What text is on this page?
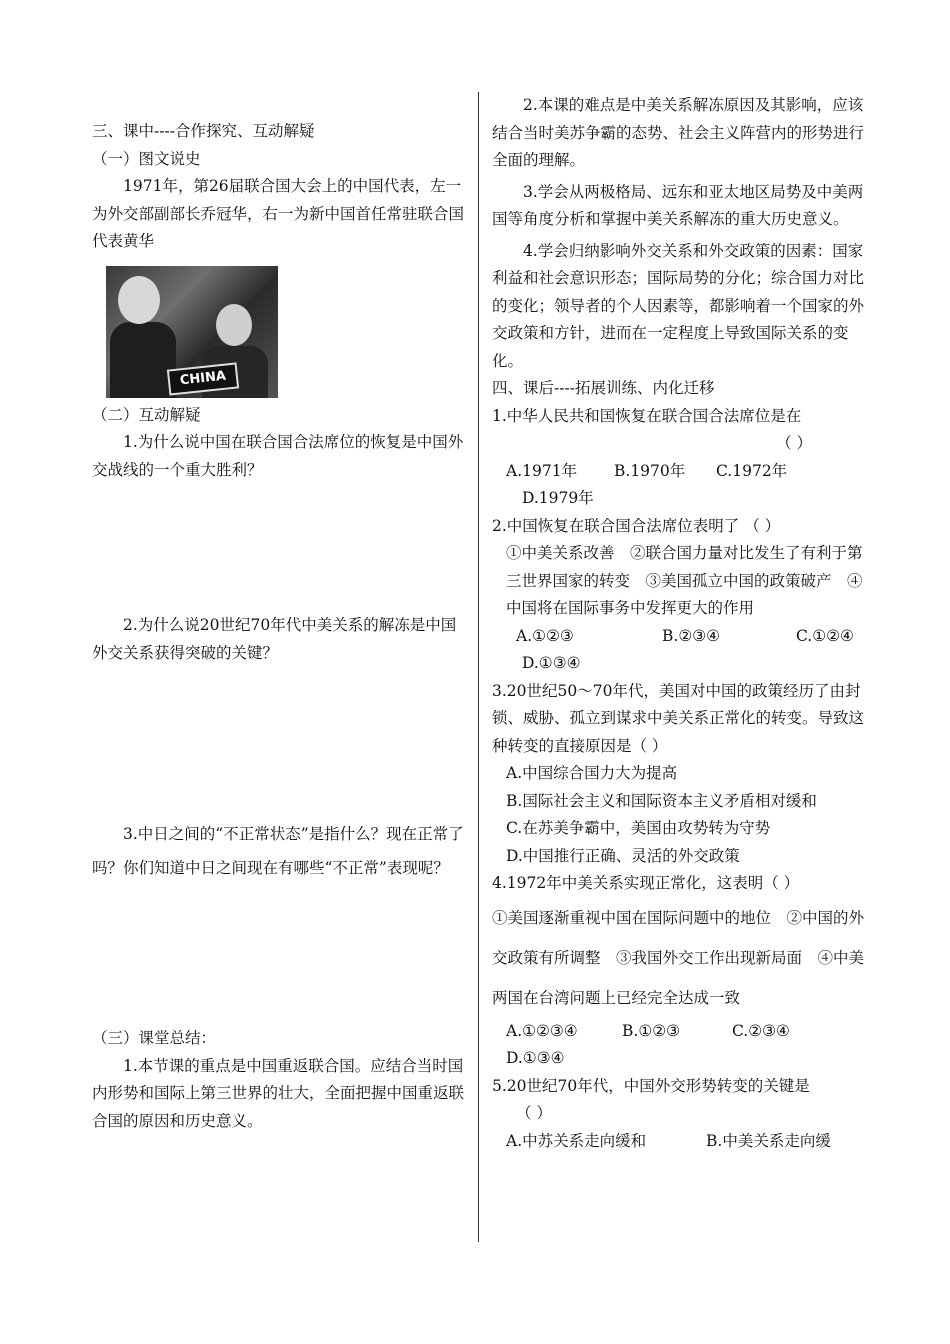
三、课中----合作探究、互动解疑

（一）图文说史

1971年，第26届联合国大会上的中国代表，左一为外交部副部长乔冠华，右一为新中国首任常驻联合国代表黄华

CHINA

（二）互动解疑

1.为什么说中国在联合国合法席位的恢复是中国外交战线的一个重大胜利？

2.为什么说20世纪70年代中美关系的解冻是中国外交关系获得突破的关键？

3.中日之间的“不正常状态”是指什么？现在正常了吗？你们知道中日之间现在有哪些“不正常”表现呢？

（三）课堂总结：

1.本节课的重点是中国重返联合国。应结合当时国内形势和国际上第三世界的壮大，全面把握中国重返联合国的原因和历史意义。

2.本课的难点是中美关系解冻原因及其影响，应该结合当时美苏争霸的态势、社会主义阵营内的形势进行全面的理解。

3.学会从两极格局、远东和亚太地区局势及中美两国等角度分析和掌握中美关系解冻的重大历史意义。

4.学会归纳影响外交关系和外交政策的因素：国家利益和社会意识形态；国际局势的分化；综合国力对比的变化；领导者的个人因素等，都影响着一个国家的外交政策和方针，进而在一定程度上导致国际关系的变化。

四、课后----拓展训练、内化迁移

1.中华人民共和国恢复在联合国合法席位是在

（ ）

A.1971年 B.1970年 C.1972年

D.1979年

2.中国恢复在联合国合法席位表明了 （ ）

①中美关系改善　②联合国力量对比发生了有利于第三世界国家的转变　③美国孤立中国的政策破产　④中国将在国际事务中发挥更大的作用

A.①②③	B.②③④	C.①②④

D.①③④

3.20世纪50～70年代，美国对中国的政策经历了由封锁、威胁、孤立到谋求中美关系正常化的转变。导致这种转变的直接原因是（ ）

A.中国综合国力大为提高

B.国际社会主义和国际资本主义矛盾相对缓和

C.在苏美争霸中，美国由攻势转为守势

D.中国推行正确、灵活的外交政策

4.1972年中美关系实现正常化，这表明（ ）

①美国逐渐重视中国在国际问题中的地位　②中国的外交政策有所调整　③我国外交工作出现新局面　④中美两国在台湾问题上已经完全达成一致

A.①②③④	B.①②③	C.②③④

D.①③④

5.20世纪70年代，中国外交形势转变的关键是

（ ）

A.中苏关系走向缓和	B.中美关系走向缓
